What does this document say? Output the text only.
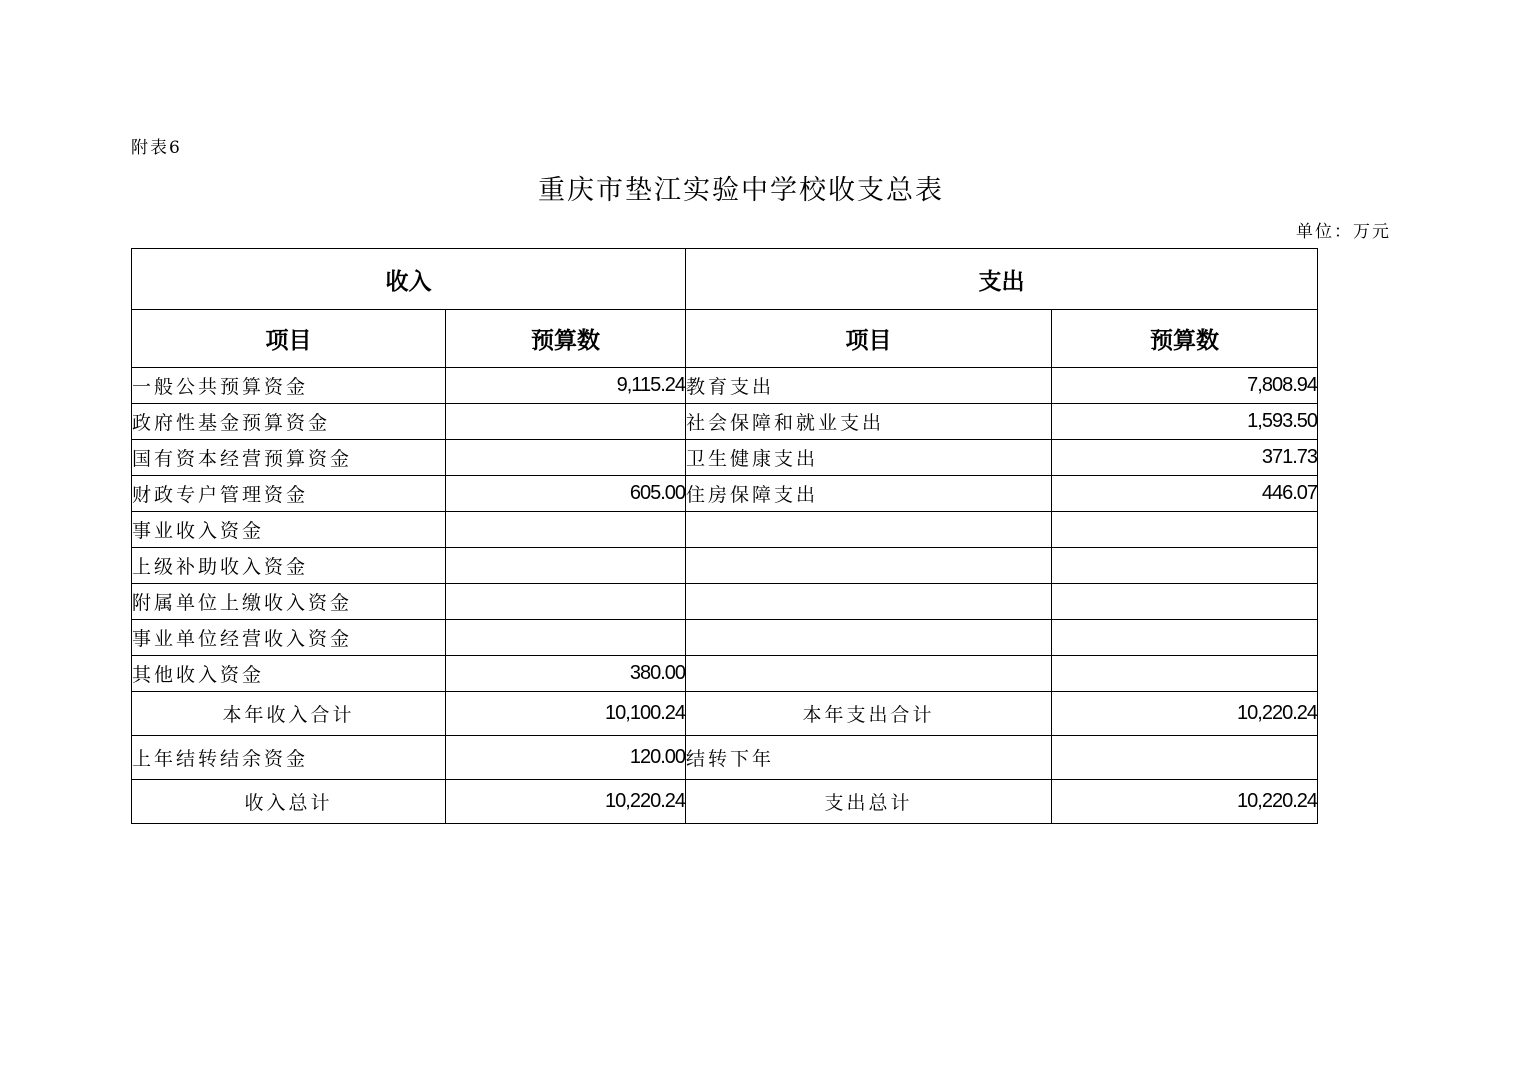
附表6
重庆市垫江实验中学校收支总表
单位：万元
收入		支出	
项目	预算数	项目	预算数
一般公共预算资金	9,115.24	教育支出	7,808.94
政府性基金预算资金		社会保障和就业支出	1,593.50
国有资本经营预算资金		卫生健康支出	371.73
财政专户管理资金	605.00	住房保障支出	446.07
事业收入资金			
上级补助收入资金			
附属单位上缴收入资金			
事业单位经营收入资金			
其他收入资金	380.00		
本年收入合计	10,100.24	本年支出合计	10,220.24
上年结转结余资金	120.00	结转下年	
收入总计	10,220.24	支出总计	10,220.24
